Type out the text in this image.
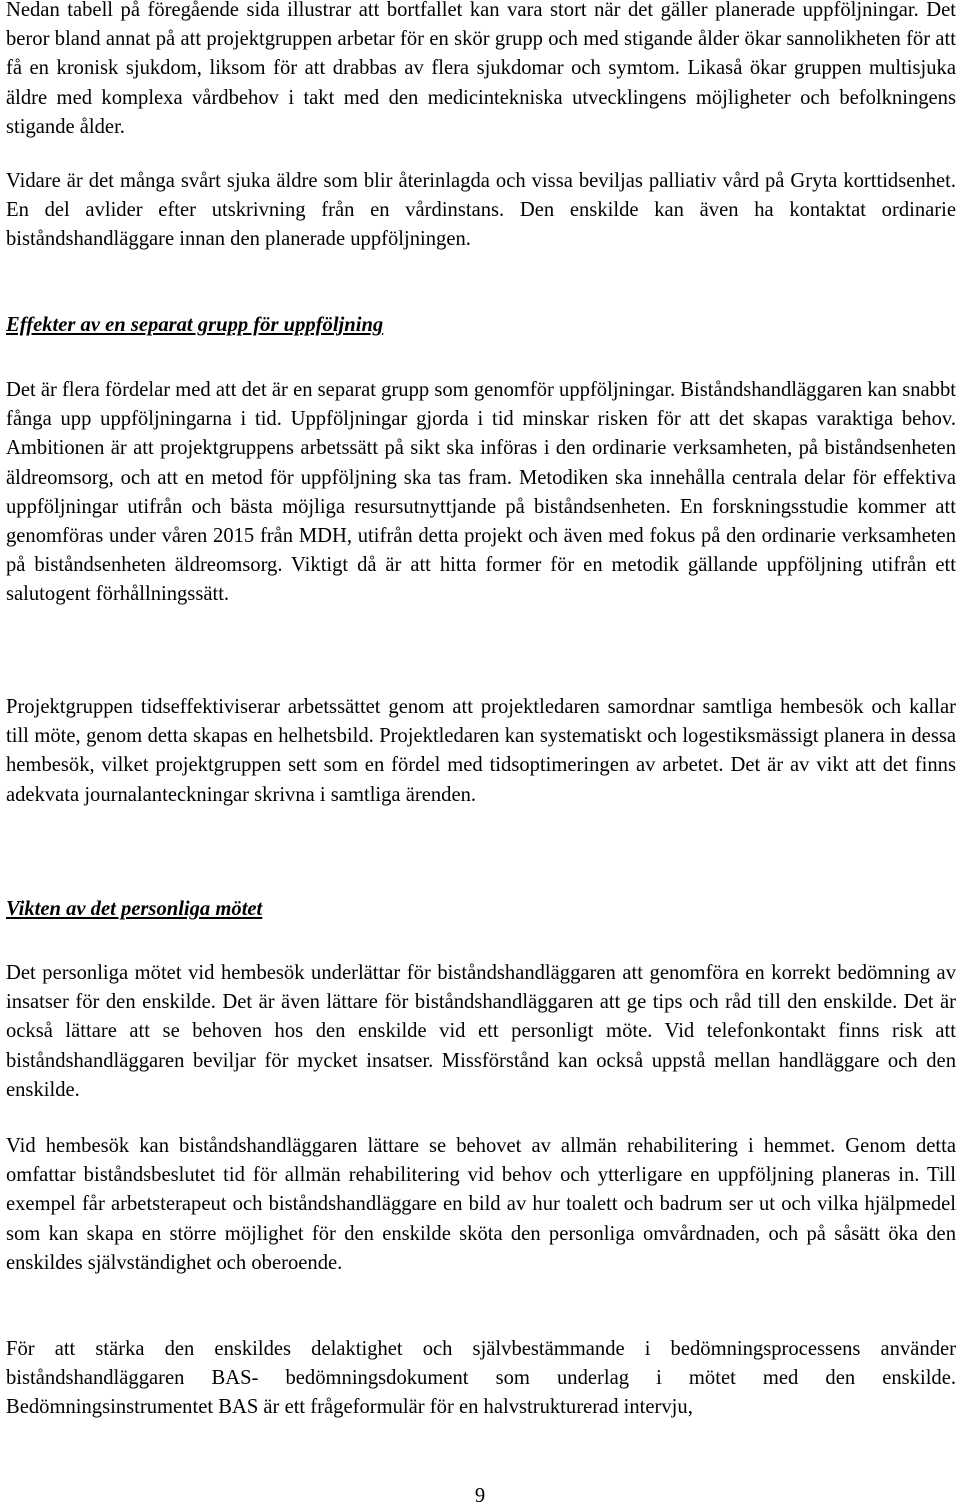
Nedan tabell på föregående sida illustrar att bortfallet kan vara stort när det gäller planerade uppföljningar. Det beror bland annat på att projektgruppen arbetar för en skör grupp och med stigande ålder ökar sannolikheten för att få en kronisk sjukdom, liksom för att drabbas av flera sjukdomar och symtom. Likaså ökar gruppen multisjuka äldre med komplexa vårdbehov i takt med den medicintekniska utvecklingens möjligheter och befolkningens stigande ålder.

Vidare är det många svårt sjuka äldre som blir återinlagda och vissa beviljas palliativ vård på Gryta korttidsenhet. En del avlider efter utskrivning från en vårdinstans. Den enskilde kan även ha kontaktat ordinarie biståndshandläggare innan den planerade uppföljningen.

Effekter av en separat grupp för uppföljning

Det är flera fördelar med att det är en separat grupp som genomför uppföljningar. Biståndshandläggaren kan snabbt fånga upp uppföljningarna i tid. Uppföljningar gjorda i tid minskar risken för att det skapas varaktiga behov. Ambitionen är att projektgruppens arbetssätt på sikt ska införas i den ordinarie verksamheten, på biståndsenheten äldreomsorg, och att en metod för uppföljning ska tas fram. Metodiken ska innehålla centrala delar för effektiva uppföljningar utifrån och bästa möjliga resursutnyttjande på biståndsenheten. En forskningsstudie kommer att genomföras under våren 2015 från MDH, utifrån detta projekt och även med fokus på den ordinarie verksamheten på biståndsenheten äldreomsorg. Viktigt då är att hitta former för en metodik gällande uppföljning utifrån ett salutogent förhållningssätt.

Projektgruppen tidseffektiviserar arbetssättet genom att projektledaren samordnar samtliga hembesök och kallar till möte, genom detta skapas en helhetsbild. Projektledaren kan systematiskt och logestiksmässigt planera in dessa hembesök, vilket projektgruppen sett som en fördel med tidsoptimeringen av arbetet. Det är av vikt att det finns adekvata journalanteckningar skrivna i samtliga ärenden.

Vikten av det personliga mötet

Det personliga mötet vid hembesök underlättar för biståndshandläggaren att genomföra en korrekt bedömning av insatser för den enskilde. Det är även lättare för biståndshandläggaren att ge tips och råd till den enskilde. Det är också lättare att se behoven hos den enskilde vid ett personligt möte. Vid telefonkontakt finns risk att biståndshandläggaren beviljar för mycket insatser. Missförstånd kan också uppstå mellan handläggare och den enskilde.

Vid hembesök kan biståndshandläggaren lättare se behovet av allmän rehabilitering i hemmet. Genom detta omfattar biståndsbeslutet tid för allmän rehabilitering vid behov och ytterligare en uppföljning planeras in. Till exempel får arbetsterapeut och biståndshandläggare en bild av hur toalett och badrum ser ut och vilka hjälpmedel som kan skapa en större möjlighet för den enskilde sköta den personliga omvårdnaden, och på såsätt öka den enskildes självständighet och oberoende.

För att stärka den enskildes delaktighet och självbestämmande i bedömningsprocessens använder biståndshandläggaren BAS- bedömningsdokument som underlag i mötet med den enskilde. Bedömningsinstrumentet BAS är ett frågeformulär för en halvstrukturerad intervju,

9
